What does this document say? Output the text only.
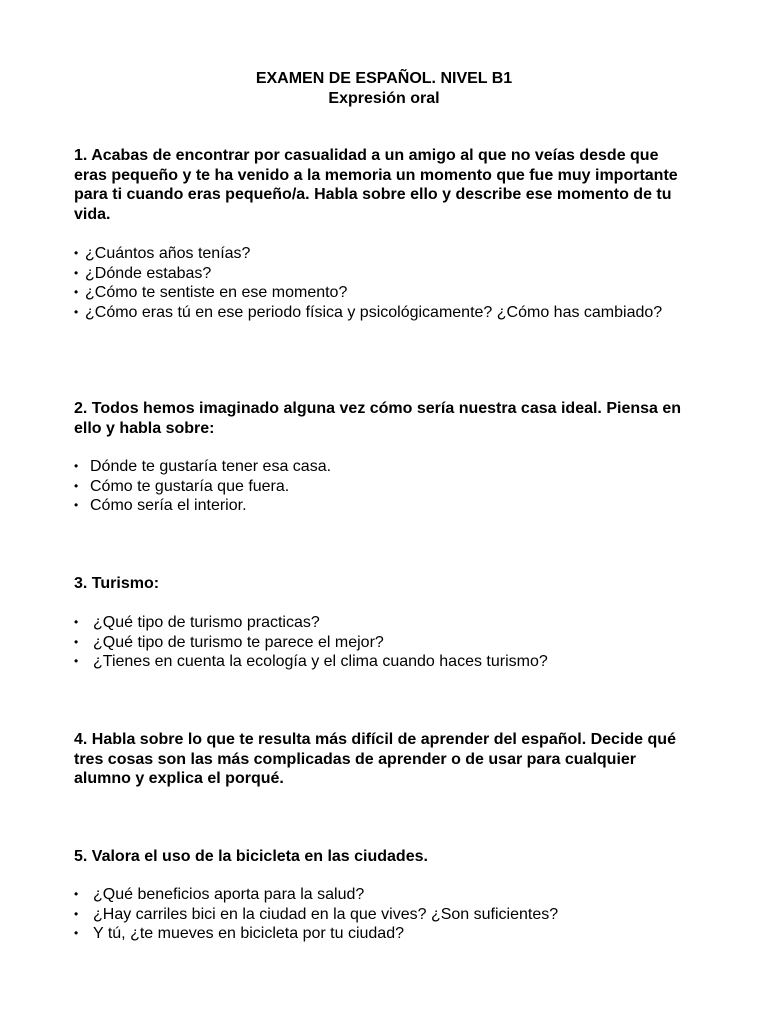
EXAMEN DE ESPAÑOL. NIVEL B1
Expresión oral
1. Acabas de encontrar por casualidad a un amigo al que no veías desde que eras pequeño y te ha venido a la memoria un momento que fue muy importante para ti cuando eras pequeño/a. Habla sobre ello y describe ese momento de tu vida.
• ¿Cuántos años tenías?
• ¿Dónde estabas?
• ¿Cómo te sentiste en ese momento?
• ¿Cómo eras tú en ese periodo física y psicológicamente? ¿Cómo has cambiado?
2. Todos hemos imaginado alguna vez cómo sería nuestra casa ideal. Piensa en ello y habla sobre:
• Dónde te gustaría tener esa casa.
• Cómo te gustaría que fuera.
• Cómo sería el interior.
3. Turismo:
• ¿Qué tipo de turismo practicas?
• ¿Qué tipo de turismo te parece el mejor?
• ¿Tienes en cuenta la ecología y el clima cuando haces turismo?
4. Habla sobre lo que te resulta más difícil de aprender del español. Decide qué tres cosas son las más complicadas de aprender o de usar para cualquier alumno y explica el porqué.
5. Valora el uso de la bicicleta en las ciudades.
• ¿Qué beneficios aporta para la salud?
• ¿Hay carriles bici en la ciudad en la que vives? ¿Son suficientes?
• Y tú, ¿te mueves en bicicleta por tu ciudad?
